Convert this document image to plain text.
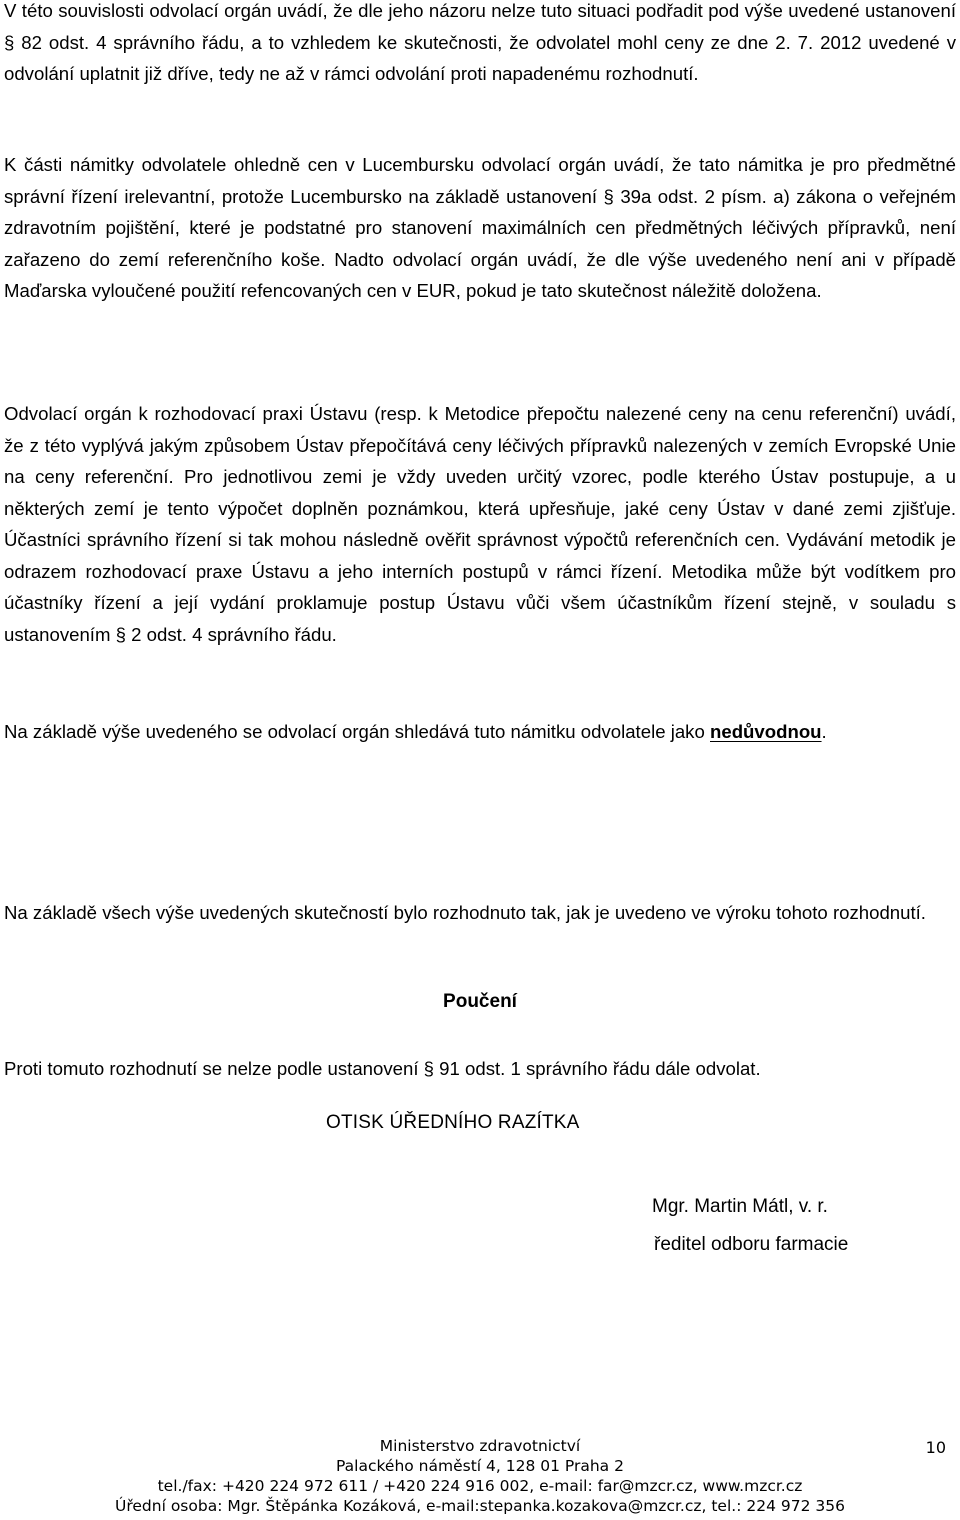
V této souvislosti odvolací orgán uvádí, že dle jeho názoru nelze tuto situaci podřadit pod výše uvedené ustanovení § 82 odst. 4 správního řádu, a to vzhledem ke skutečnosti, že odvolatel mohl ceny ze dne 2. 7. 2012 uvedené v odvolání uplatnit již dříve, tedy ne až v rámci odvolání proti napadenému rozhodnutí.

K části námitky odvolatele ohledně cen v Lucembursku odvolací orgán uvádí, že tato námitka je pro předmětné správní řízení irelevantní, protože Lucembursko na základě ustanovení § 39a odst. 2 písm. a) zákona o veřejném zdravotním pojištění, které je podstatné pro stanovení maximálních cen předmětných léčivých přípravků, není zařazeno do zemí referenčního koše. Nadto odvolací orgán uvádí, že dle výše uvedeného není ani v případě Maďarska vyloučené použití refencovaných cen v EUR, pokud je tato skutečnost náležitě doložena.

Odvolací orgán k rozhodovací praxi Ústavu (resp. k Metodice přepočtu nalezené ceny na cenu referenční) uvádí, že z této vyplývá jakým způsobem Ústav přepočítává ceny léčivých přípravků nalezených v zemích Evropské Unie na ceny referenční. Pro jednotlivou zemi je vždy uveden určitý vzorec, podle kterého Ústav postupuje, a u některých zemí je tento výpočet doplněn poznámkou, která upřesňuje, jaké ceny Ústav v dané zemi zjišťuje. Účastníci správního řízení si tak mohou následně ověřit správnost výpočtů referenčních cen. Vydávání metodik je odrazem rozhodovací praxe Ústavu a jeho interních postupů v rámci řízení. Metodika může být vodítkem pro účastníky řízení a její vydání proklamuje postup Ústavu vůči všem účastníkům řízení stejně, v souladu s ustanovením § 2 odst. 4 správního řádu.

Na základě výše uvedeného se odvolací orgán shledává tuto námitku odvolatele jako nedůvodnou.

Na základě všech výše uvedených skutečností bylo rozhodnuto tak, jak je uvedeno ve výroku tohoto rozhodnutí.

Poučení

Proti tomuto rozhodnutí se nelze podle ustanovení § 91 odst. 1 správního řádu dále odvolat.

OTISK ÚŘEDNÍHO RAZÍTKA
Mgr. Martin Mátl, v. r.
ředitel odboru farmacie
Ministerstvo zdravotnictví
Palackého náměstí 4, 128 01 Praha 2
tel./fax: +420 224 972 611 / +420 224 916 002, e-mail: far@mzcr.cz, www.mzcr.cz
Úřední osoba: Mgr. Štěpánka Kozáková, e-mail:stepanka.kozakova@mzcr.cz, tel.: 224 972 356
10
